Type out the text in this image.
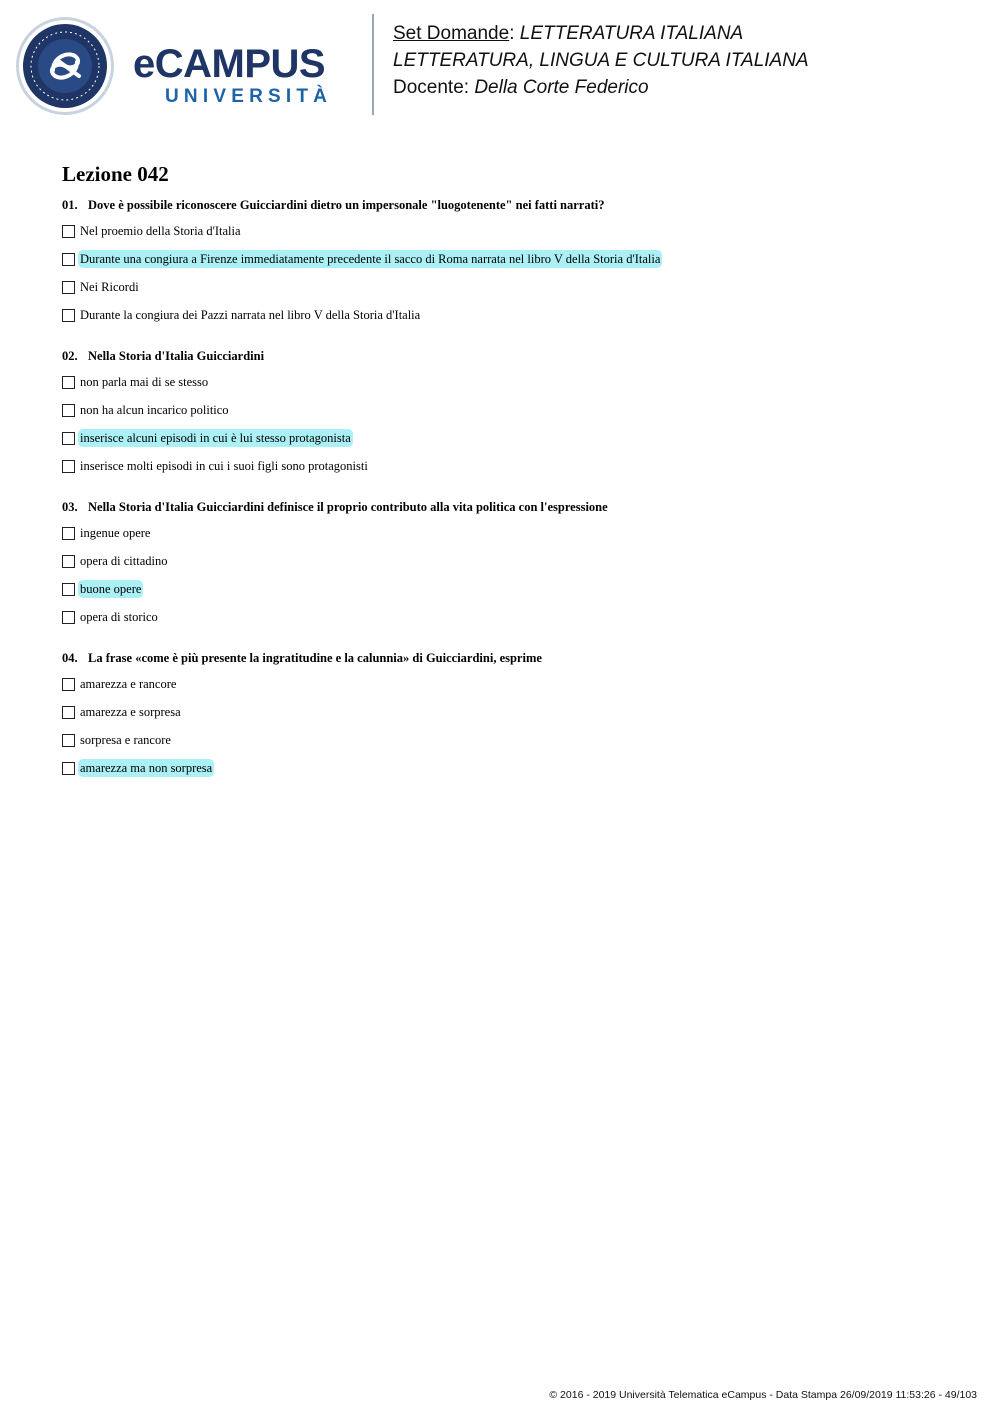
eCAMPUS
UNIVERSITÀ
Set Domande: LETTERATURA ITALIANA
LETTERATURA, LINGUA E CULTURA ITALIANA
Docente: Della Corte Federico
Lezione 042
01. Dove è possibile riconoscere Guicciardini dietro un impersonale "luogotenente" nei fatti narrati?
Nel proemio della Storia d'Italia
Durante una congiura a Firenze immediatamente precedente il sacco di Roma narrata nel libro V della Storia d'Italia
Nei Ricordi
Durante la congiura dei Pazzi narrata nel libro V della Storia d'Italia
02. Nella Storia d'Italia Guicciardini
non parla mai di se stesso
non ha alcun incarico politico
inserisce alcuni episodi in cui è lui stesso protagonista
inserisce molti episodi in cui i suoi figli sono protagonisti
03. Nella Storia d'Italia Guicciardini definisce il proprio contributo alla vita politica con l'espressione
ingenue opere
opera di cittadino
buone opere
opera di storico
04. La frase «come è più presente la ingratitudine e la calunnia» di Guicciardini, esprime
amarezza e rancore
amarezza e sorpresa
sorpresa e rancore
amarezza ma non sorpresa
© 2016 - 2019 Università Telematica eCampus - Data Stampa 26/09/2019 11:53:26 - 49/103
